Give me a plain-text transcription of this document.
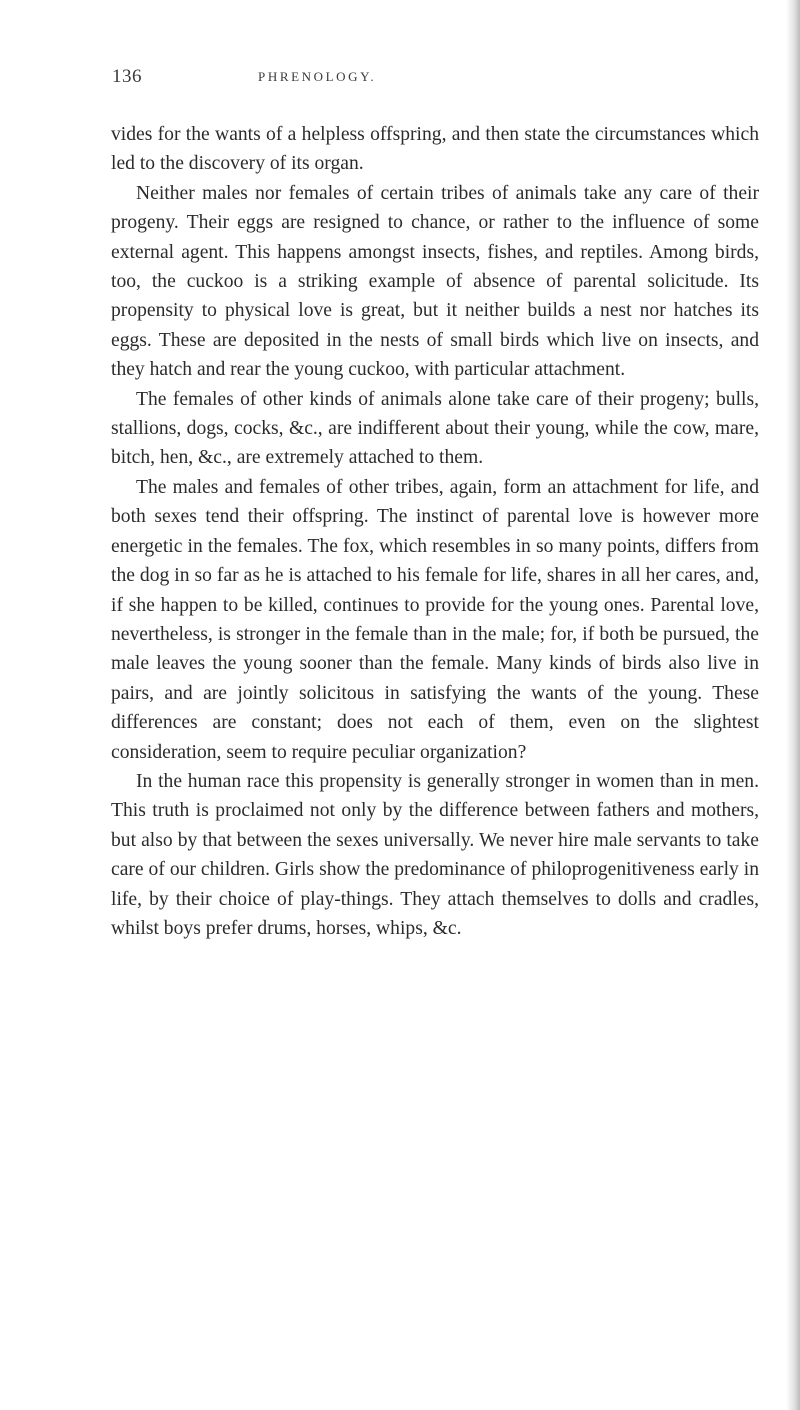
136	PHRENOLOGY.

vides for the wants of a helpless offspring, and then state the circumstances which led to the discovery of its organ.

Neither males nor females of certain tribes of animals take any care of their progeny. Their eggs are resigned to chance, or rather to the influence of some external agent. This happens amongst insects, fishes, and reptiles. Among birds, too, the cuckoo is a striking example of absence of parental solicitude. Its propensity to physical love is great, but it neither builds a nest nor hatches its eggs. These are deposited in the nests of small birds which live on insects, and they hatch and rear the young cuckoo, with particular attachment.

The females of other kinds of animals alone take care of their progeny; bulls, stallions, dogs, cocks, &c., are indifferent about their young, while the cow, mare, bitch, hen, &c., are extremely attached to them.

The males and females of other tribes, again, form an attachment for life, and both sexes tend their offspring. The instinct of parental love is however more energetic in the females. The fox, which resembles in so many points, differs from the dog in so far as he is attached to his female for life, shares in all her cares, and, if she happen to be killed, continues to provide for the young ones. Parental love, nevertheless, is stronger in the female than in the male; for, if both be pursued, the male leaves the young sooner than the female. Many kinds of birds also live in pairs, and are jointly solicitous in satisfying the wants of the young. These differences are constant; does not each of them, even on the slightest consideration, seem to require peculiar organization?

In the human race this propensity is generally stronger in women than in men. This truth is proclaimed not only by the difference between fathers and mothers, but also by that between the sexes universally. We never hire male servants to take care of our children. Girls show the predominance of philoprogenitiveness early in life, by their choice of play-things. They attach themselves to dolls and cradles, whilst boys prefer drums, horses, whips, &c.
